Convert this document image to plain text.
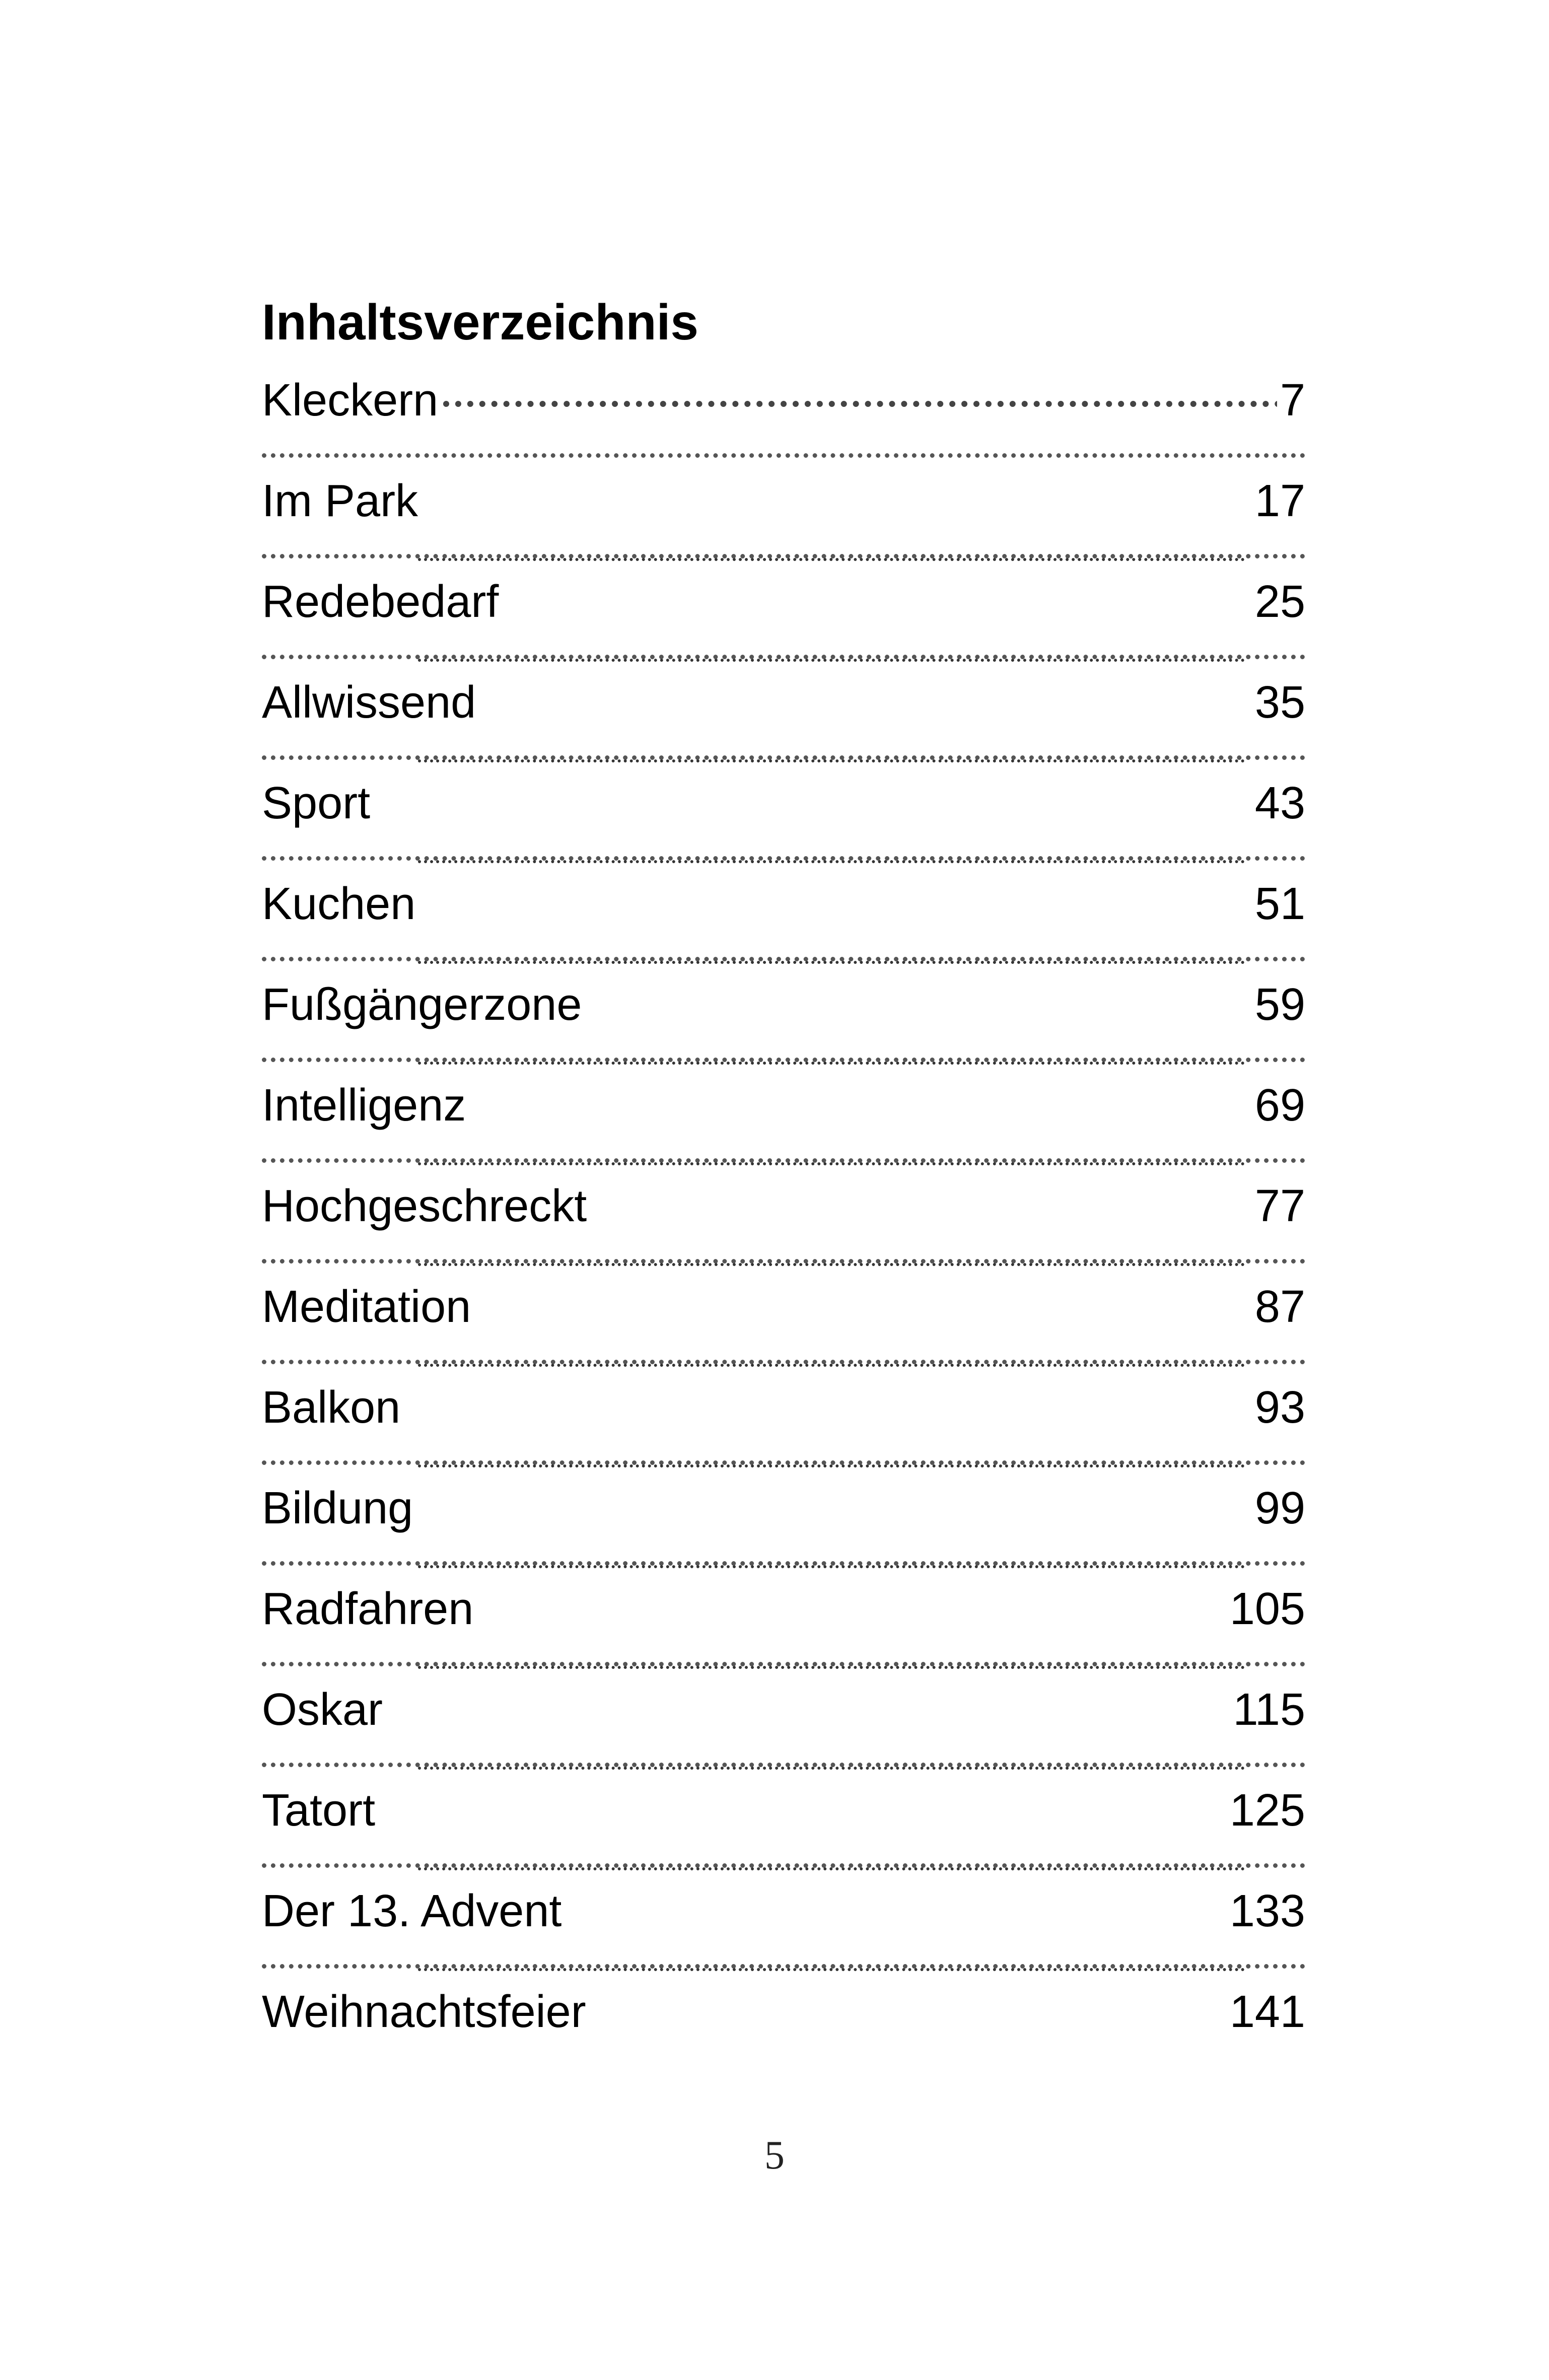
Inhaltsverzeichnis
Kleckern	7
Im Park	17
Redebedarf	25
Allwissend	35
Sport	43
Kuchen	51
Fußgängerzone	59
Intelligenz	69
Hochgeschreckt	77
Meditation	87
Balkon	93
Bildung	99
Radfahren	105
Oskar	115
Tatort	125
Der 13. Advent	133
Weihnachtsfeier	141
5
